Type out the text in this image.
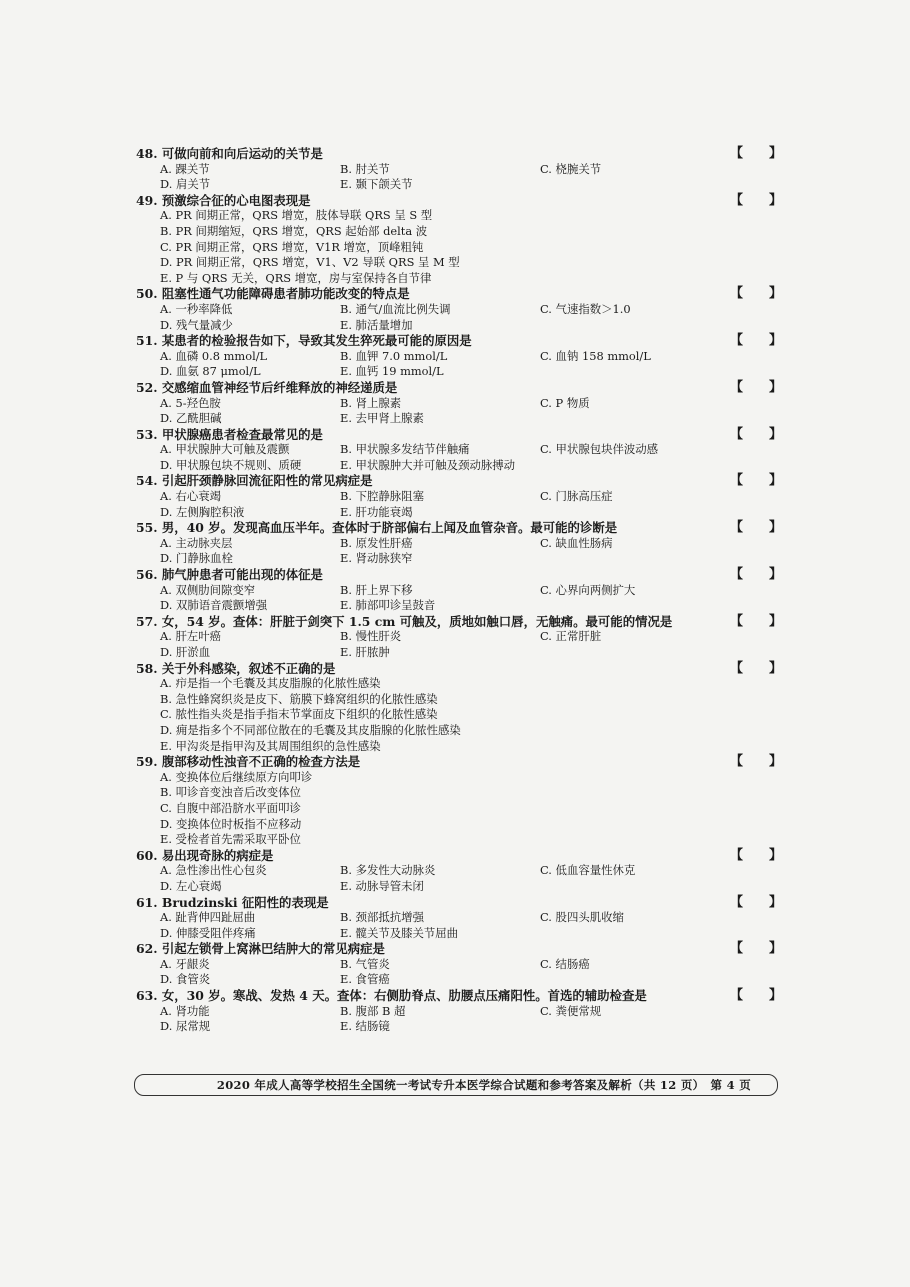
48. 可做向前和向后运动的关节是	【 】
A. 踝关节	B. 肘关节	C. 桡腕关节
D. 肩关节	E. 颞下颌关节
49. 预激综合征的心电图表现是	【 】
A. PR 间期正常，QRS 增宽，肢体导联 QRS 呈 S 型
B. PR 间期缩短，QRS 增宽，QRS 起始部 delta 波
C. PR 间期正常，QRS 增宽，V1R 增宽，顶峰粗钝
D. PR 间期正常，QRS 增宽，V1、V2 导联 QRS 呈 M 型
E. P 与 QRS 无关，QRS 增宽，房与室保持各自节律
50. 阻塞性通气功能障碍患者肺功能改变的特点是	【 】
A. 一秒率降低	B. 通气/血流比例失调	C. 气速指数＞1.0
D. 残气量减少	E. 肺活量增加
51. 某患者的检验报告如下，导致其发生猝死最可能的原因是	【 】
A. 血磷 0.8 mmol/L	B. 血钾 7.0 mmol/L	C. 血钠 158 mmol/L
D. 血氨 87 μmol/L	E. 血钙 19 mmol/L
52. 交感缩血管神经节后纤维释放的神经递质是	【 】
A. 5-羟色胺	B. 肾上腺素	C. P 物质
D. 乙酰胆碱	E. 去甲肾上腺素
53. 甲状腺癌患者检查最常见的是	【 】
A. 甲状腺肿大可触及震颤	B. 甲状腺多发结节伴触痛	C. 甲状腺包块伴波动感
D. 甲状腺包块不规则、质硬	E. 甲状腺肿大并可触及颈动脉搏动
54. 引起肝颈静脉回流征阳性的常见病症是	【 】
A. 右心衰竭	B. 下腔静脉阻塞	C. 门脉高压症
D. 左侧胸腔积液	E. 肝功能衰竭
55. 男，40 岁。发现高血压半年。查体时于脐部偏右上闻及血管杂音。最可能的诊断是	【 】
A. 主动脉夹层	B. 原发性肝癌	C. 缺血性肠病
D. 门静脉血栓	E. 肾动脉狭窄
56. 肺气肿患者可能出现的体征是	【 】
A. 双侧肋间隙变窄	B. 肝上界下移	C. 心界向两侧扩大
D. 双肺语音震颤增强	E. 肺部叩诊呈鼓音
57. 女，54 岁。查体：肝脏于剑突下 1.5 cm 可触及，质地如触口唇，无触痛。最可能的情况是	【 】
A. 肝左叶癌	B. 慢性肝炎	C. 正常肝脏
D. 肝淤血	E. 肝脓肿
58. 关于外科感染，叙述不正确的是	【 】
A. 疖是指一个毛囊及其皮脂腺的化脓性感染
B. 急性蜂窝织炎是皮下、筋膜下蜂窝组织的化脓性感染
C. 脓性指头炎是指手指末节掌面皮下组织的化脓性感染
D. 痈是指多个不同部位散在的毛囊及其皮脂腺的化脓性感染
E. 甲沟炎是指甲沟及其周围组织的急性感染
59. 腹部移动性浊音不正确的检查方法是	【 】
A. 变换体位后继续原方向叩诊
B. 叩诊音变浊音后改变体位
C. 自腹中部沿脐水平面叩诊
D. 变换体位时板指不应移动
E. 受检者首先需采取平卧位
60. 易出现奇脉的病症是	【 】
A. 急性渗出性心包炎	B. 多发性大动脉炎	C. 低血容量性休克
D. 左心衰竭	E. 动脉导管未闭
61. Brudzinski 征阳性的表现是	【 】
A. 趾背伸四趾屈曲	B. 颈部抵抗增强	C. 股四头肌收缩
D. 伸膝受阻伴疼痛	E. 髋关节及膝关节屈曲
62. 引起左锁骨上窝淋巴结肿大的常见病症是	【 】
A. 牙龈炎	B. 气管炎	C. 结肠癌
D. 食管炎	E. 食管癌
63. 女，30 岁。寒战、发热 4 天。查体：右侧肋脊点、肋腰点压痛阳性。首选的辅助检查是	【 】
A. 肾功能	B. 腹部 B 超	C. 粪便常规
D. 尿常规	E. 结肠镜
2020 年成人高等学校招生全国统一考试专升本医学综合试题和参考答案及解析（共 12 页）　第 4 页
